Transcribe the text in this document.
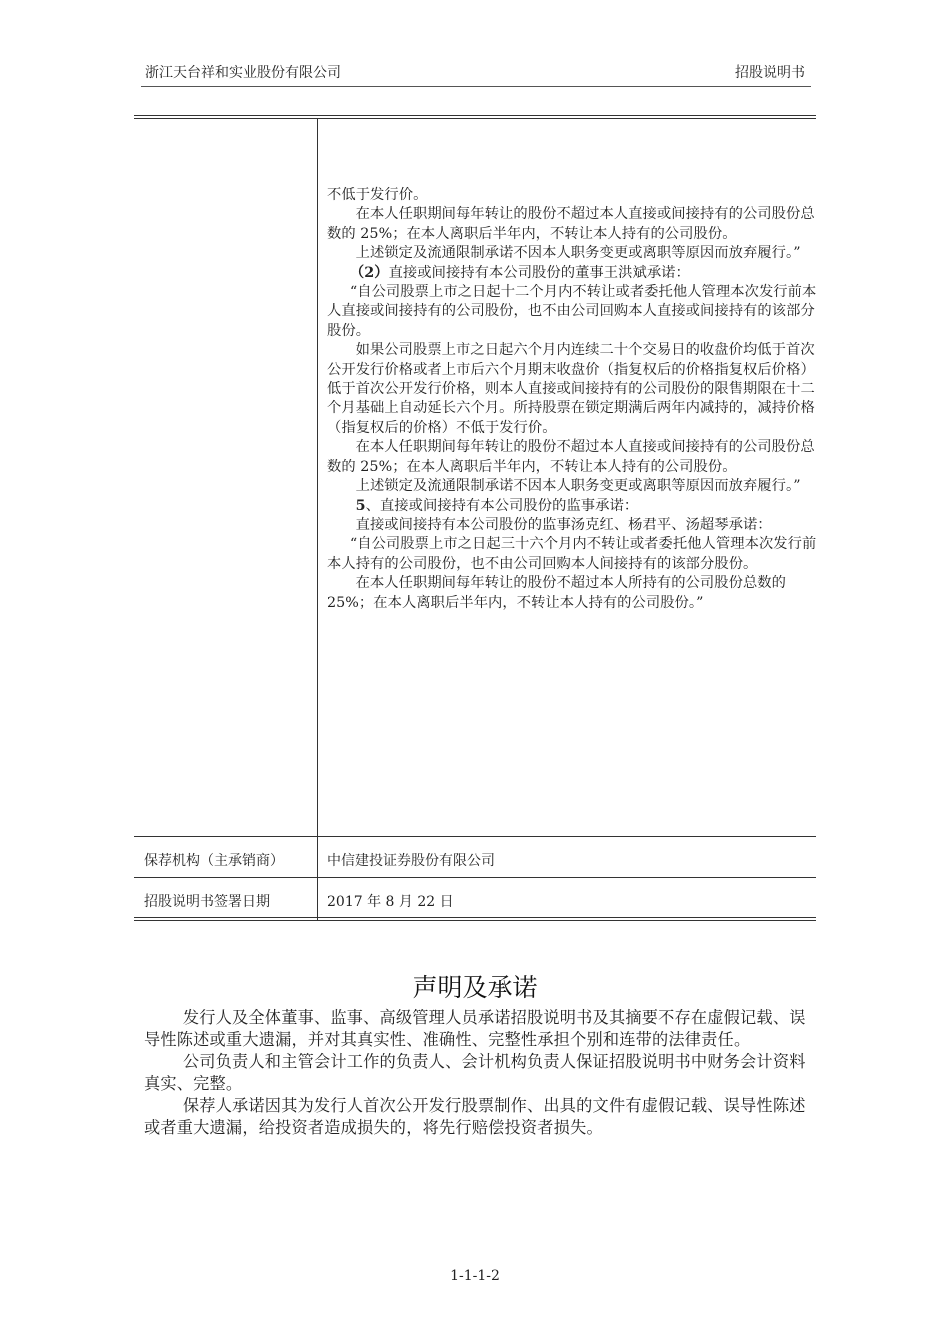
浙江天台祥和实业股份有限公司	招股说明书

不低于发行价。

在本人任职期间每年转让的股份不超过本人直接或间接持有的公司股份总数的 25%；在本人离职后半年内，不转让本人持有的公司股份。

上述锁定及流通限制承诺不因本人职务变更或离职等原因而放弃履行。”

（2）直接或间接持有本公司股份的董事王洪斌承诺：

“自公司股票上市之日起十二个月内不转让或者委托他人管理本次发行前本人直接或间接持有的公司股份，也不由公司回购本人直接或间接持有的该部分股份。

如果公司股票上市之日起六个月内连续二十个交易日的收盘价均低于首次公开发行价格或者上市后六个月期末收盘价（指复权后的价格指复权后价格）低于首次公开发行价格，则本人直接或间接持有的公司股份的限售期限在十二个月基础上自动延长六个月。所持股票在锁定期满后两年内减持的，减持价格（指复权后的价格）不低于发行价。

在本人任职期间每年转让的股份不超过本人直接或间接持有的公司股份总数的 25%；在本人离职后半年内，不转让本人持有的公司股份。

上述锁定及流通限制承诺不因本人职务变更或离职等原因而放弃履行。”

5、直接或间接持有本公司股份的监事承诺：

直接或间接持有本公司股份的监事汤克红、杨君平、汤超琴承诺：

“自公司股票上市之日起三十六个月内不转让或者委托他人管理本次发行前本人持有的公司股份，也不由公司回购本人间接持有的该部分股份。

在本人任职期间每年转让的股份不超过本人所持有的公司股份总数的 25%；在本人离职后半年内，不转让本人持有的公司股份。”

保荐机构（主承销商）	中信建投证券股份有限公司
招股说明书签署日期	2017 年 8 月 22 日
声明及承诺

发行人及全体董事、监事、高级管理人员承诺招股说明书及其摘要不存在虚假记载、误导性陈述或重大遗漏，并对其真实性、准确性、完整性承担个别和连带的法律责任。

公司负责人和主管会计工作的负责人、会计机构负责人保证招股说明书中财务会计资料真实、完整。

保荐人承诺因其为发行人首次公开发行股票制作、出具的文件有虚假记载、误导性陈述或者重大遗漏，给投资者造成损失的，将先行赔偿投资者损失。

1-1-1-2
